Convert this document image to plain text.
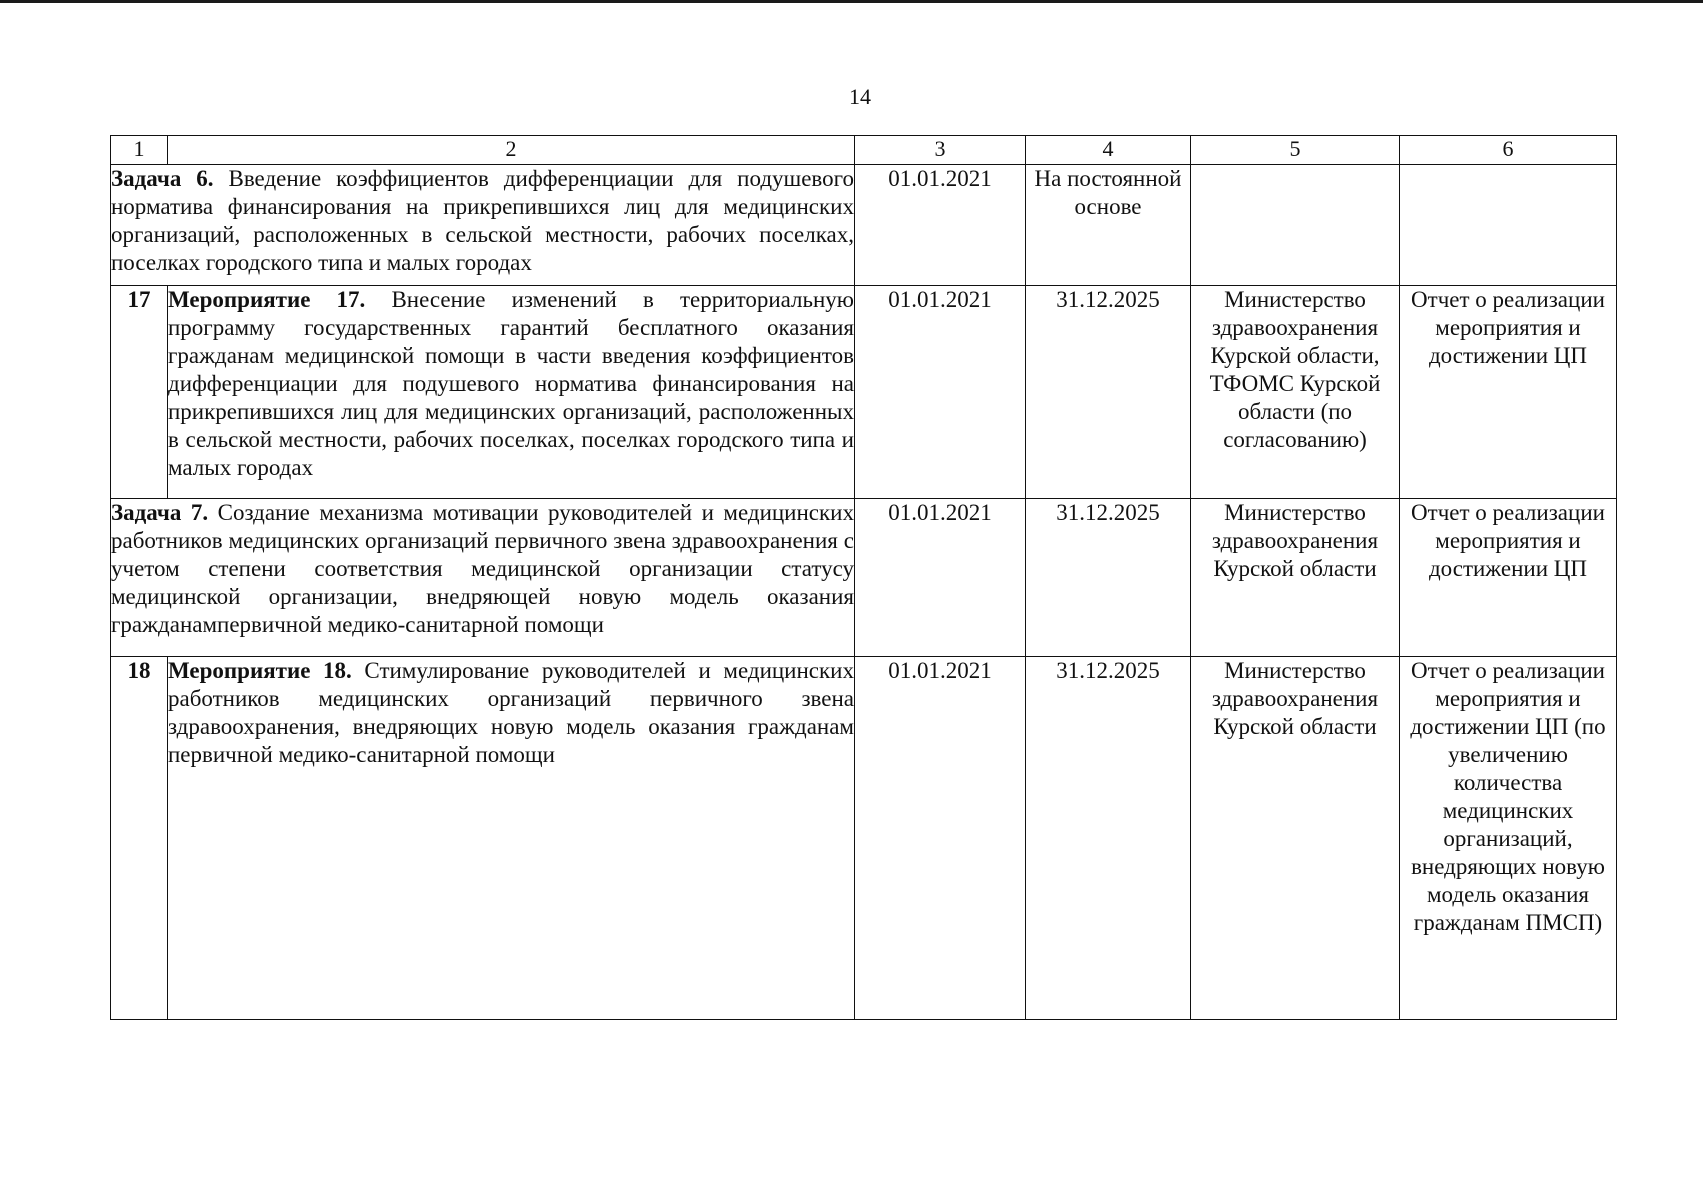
14
1	2	3	4	5	6
Задача 6. Введение коэффициентов дифференциации для подушевого норматива финансирования на прикрепившихся лиц для медицинских организаций, расположенных в сельской местности, рабочих поселках, поселках городского типа и малых городах		01.01.2021	На постоянной основе		
17	Мероприятие 17. Внесение изменений в территориальную программу государственных гарантий бесплатного оказания гражданам медицинской помощи в части введения коэффициентов дифференциации для подушевого норматива финансирования на прикрепившихся лиц для медицинских организаций, расположенных в сельской местности, рабочих поселках, поселках городского типа и малых городах	01.01.2021	31.12.2025	Министерство здравоохранения Курской области, ТФОМС Курской области (по согласованию)	Отчет о реализации мероприятия и достижении ЦП
Задача 7. Создание механизма мотивации руководителей и медицинских работников медицинских организаций первичного звена здравоохранения с учетом степени соответствия медицинской организации статусу медицинской организации, внедряющей новую модель оказания гражданампервичной медико-санитарной помощи		01.01.2021	31.12.2025	Министерство здравоохранения Курской области	Отчет о реализации мероприятия и достижении ЦП
18	Мероприятие 18. Стимулирование руководителей и медицинских работников медицинских организаций первичного звена здравоохранения, внедряющих новую модель оказания гражданам первичной медико-санитарной помощи	01.01.2021	31.12.2025	Министерство здравоохранения Курской области	Отчет о реализации мероприятия и достижении ЦП (по увеличению количества медицинских организаций, внедряющих новую модель оказания гражданам ПМСП)
